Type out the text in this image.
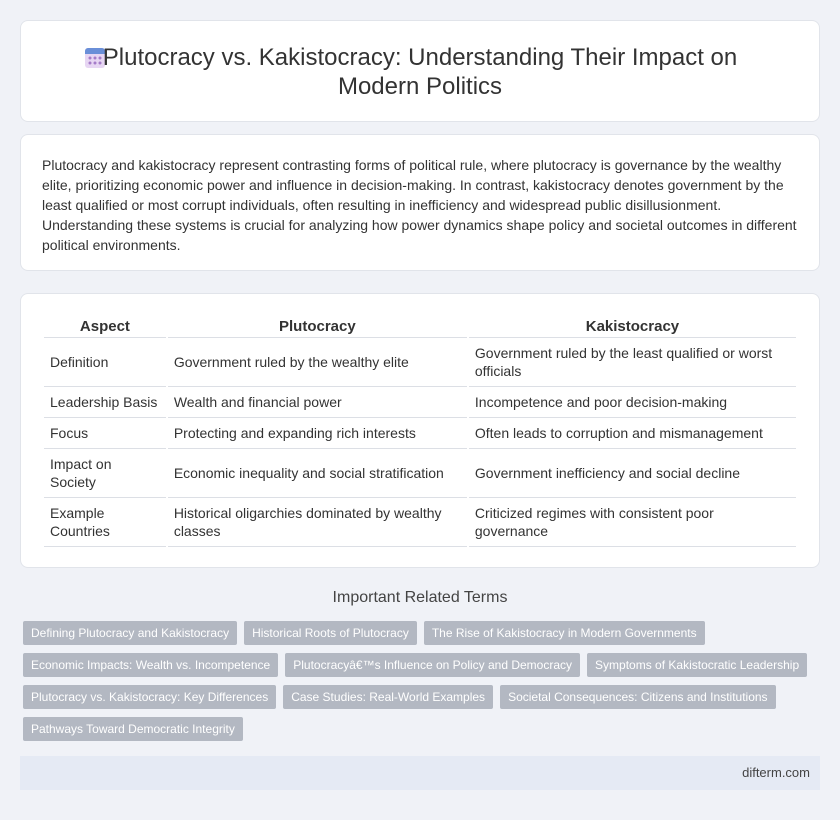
Plutocracy vs. Kakistocracy: Understanding Their Impact on Modern Politics

Plutocracy and kakistocracy represent contrasting forms of political rule, where plutocracy is governance by the wealthy elite, prioritizing economic power and influence in decision-making. In contrast, kakistocracy denotes government by the least qualified or most corrupt individuals, often resulting in inefficiency and widespread public disillusionment. Understanding these systems is crucial for analyzing how power dynamics shape policy and societal outcomes in different political environments.

Aspect	Plutocracy	Kakistocracy
Definition	Government ruled by the wealthy elite	Government ruled by the least qualified or worst officials
Leadership Basis	Wealth and financial power	Incompetence and poor decision-making
Focus	Protecting and expanding rich interests	Often leads to corruption and mismanagement
Impact on Society	Economic inequality and social stratification	Government inefficiency and social decline
Example Countries	Historical oligarchies dominated by wealthy classes	Criticized regimes with consistent poor governance
Important Related Terms
Defining Plutocracy and Kakistocracy	Historical Roots of Plutocracy	The Rise of Kakistocracy in Modern Governments
Economic Impacts: Wealth vs. Incompetence	Plutocracyâ€™s Influence on Policy and Democracy	Symptoms of Kakistocratic Leadership
Plutocracy vs. Kakistocracy: Key Differences	Case Studies: Real-World Examples	Societal Consequences: Citizens and Institutions
Pathways Toward Democratic Integrity
difterm.com
